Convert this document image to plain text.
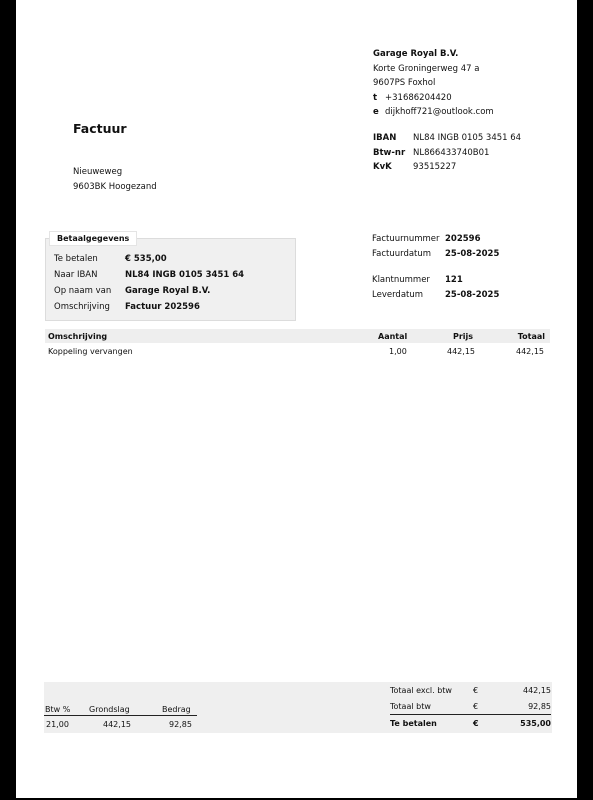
Garage Royal B.V.
Korte Groningerweg 47 a
9607PS Foxhol
t +31686204420
e dijkhoff721@outlook.com
IBAN NL84 INGB 0105 3451 64
Btw-nr NL866433740B01
KvK	93515227
Factuur
Nieuweweg
9603BK Hoogezand
Betaalgegevens
Te betalen	€ 535,00
Naar IBAN	NL84 INGB 0105 3451 64
Op naam van	Garage Royal B.V.
Omschrijving	Factuur 202596
Factuurnummer 202596
Factuurdatum	25-08-2025
Klantnummer	121
Leverdatum	25-08-2025
Omschrijving	Aantal	Prijs	Totaal
Koppeling vervangen	1,00	442,15	442,15
Btw % Grondslag	Bedrag
21,00	442,15	92,85
Totaal excl. btw	€	442,15
Totaal btw	€	92,85
Te betalen	€	535,00
